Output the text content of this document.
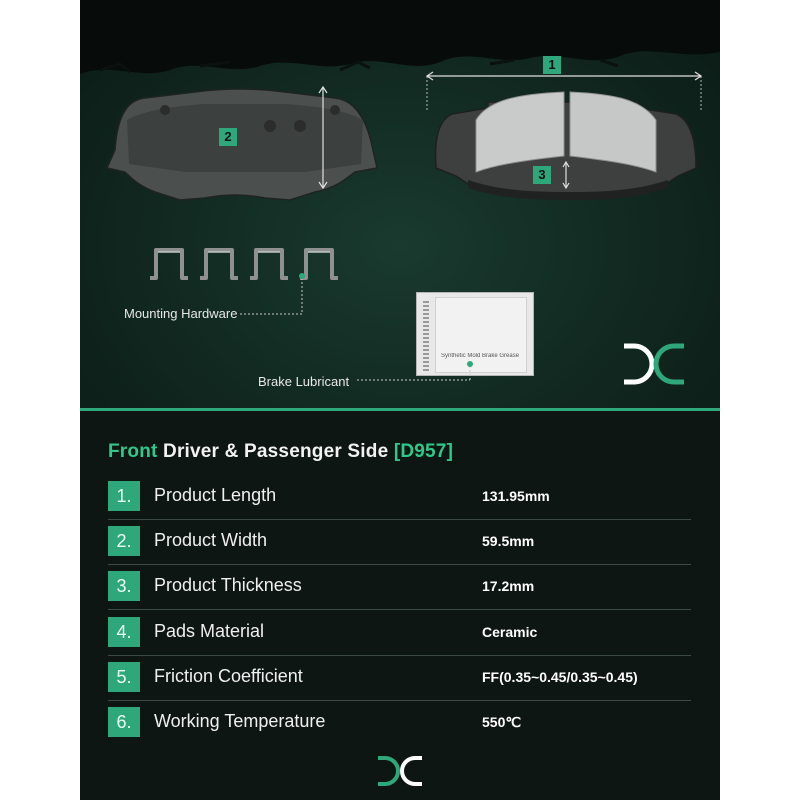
2
1
3
Mounting Hardware
Synthetic Mold Brake Grease
Brake Lubricant
Front Driver & Passenger Side [D957]
1.	Product Length	131.95mm
2.	Product Width	59.5mm
3.	Product Thickness	17.2mm
4.	Pads Material	Ceramic
5.	Friction Coefficient	FF(0.35~0.45/0.35~0.45)
6.	Working Temperature	550℃
